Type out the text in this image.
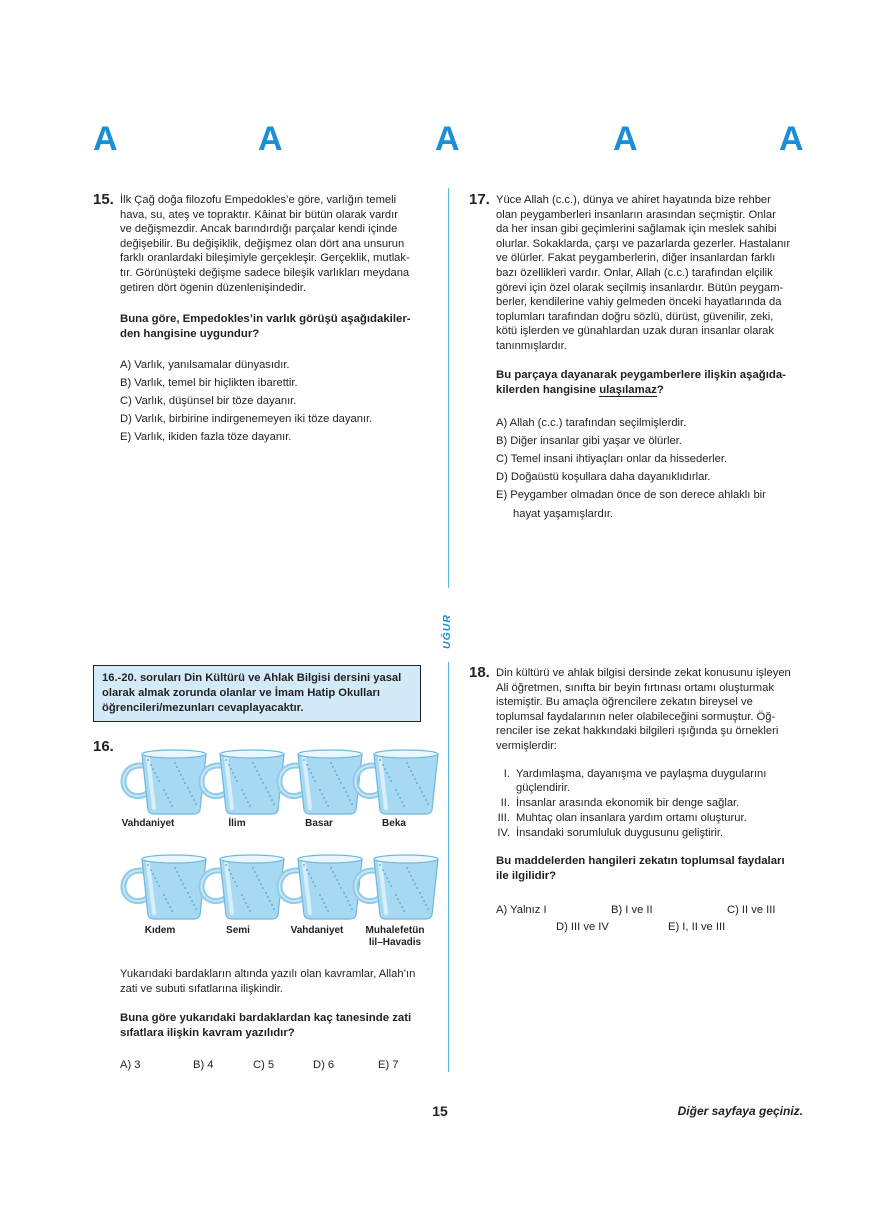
A	A	A	A	A
UĞUR
15. İlk Çağ doğa filozofu Empedokles’e göre, varlığın temeli
hava, su, ateş ve topraktır. Kâinat bir bütün olarak vardır
ve değişmezdir. Ancak barındırdığı parçalar kendi içinde
değişebilir. Bu değişiklik, değişmez olan dört ana unsurun
farklı oranlardaki bileşimiyle gerçekleşir. Gerçeklik, mutlak-
tır. Görünüşteki değişme sadece bileşik varlıkları meydana
getiren dört ögenin düzenlenişindedir.
Buna göre, Empedokles’in varlık görüşü aşağıdakiler-
den hangisine uygundur?
A) Varlık, yanılsamalar dünyasıdır.
B) Varlık, temel bir hiçlikten ibarettir.
C) Varlık, düşünsel bir töze dayanır.
D) Varlık, birbirine indirgenemeyen iki töze dayanır.
E) Varlık, ikiden fazla töze dayanır.
17. Yüce Allah (c.c.), dünya ve ahiret hayatında bize rehber
olan peygamberleri insanların arasından seçmiştir. Onlar
da her insan gibi geçimlerini sağlamak için meslek sahibi
olurlar. Sokaklarda, çarşı ve pazarlarda gezerler. Hastalanır
ve ölürler. Fakat peygamberlerin, diğer insanlardan farklı
bazı özellikleri vardır. Onlar, Allah (c.c.) tarafından elçilik
görevi için özel olarak seçilmiş insanlardır. Bütün peygam-
berler, kendilerine vahiy gelmeden önceki hayatlarında da
toplumları tarafından doğru sözlü, dürüst, güvenilir, zeki,
kötü işlerden ve günahlardan uzak duran insanlar olarak
tanınmışlardır.
Bu parçaya dayanarak peygamberlere ilişkin aşağıda-
kilerden hangisine ulaşılamaz?
A) Allah (c.c.) tarafından seçilmişlerdir.
B) Diğer insanlar gibi yaşar ve ölürler.
C) Temel insani ihtiyaçları onlar da hissederler.
D) Doğaüstü koşullara daha dayanıklıdırlar.
E) Peygamber olmadan önce de son derece ahlaklı bir
hayat yaşamışlardır.
16.-20. soruları Din Kültürü ve Ahlak Bilgisi dersini yasal
olarak almak zorunda olanlar ve İmam Hatip Okulları
öğrencileri/mezunları cevaplayacaktır.
16.
Vahdaniyet	İlim	Basar	Beka
Kıdem	Semi	Vahdaniyet	Muhalefetün
lil–Havadis
Yukarıdaki bardakların altında yazılı olan kavramlar, Allah’ın
zati ve subuti sıfatlarına ilişkindir.
Buna göre yukarıdaki bardaklardan kaç tanesinde zati
sıfatlara ilişkin kavram yazılıdır?
A) 3	B) 4	C) 5	D) 6	E) 7
18. Din kültürü ve ahlak bilgisi dersinde zekat konusunu işleyen
Ali öğretmen, sınıfta bir beyin fırtınası ortamı oluşturmak
istemiştir. Bu amaçla öğrencilere zekatın bireysel ve
toplumsal faydalarının neler olabileceğini sormuştur. Öğ-
renciler ise zekat hakkındaki bilgileri ışığında şu örnekleri
vermişlerdir:
I. Yardımlaşma, dayanışma ve paylaşma duygularını
güçlendirir.
II. İnsanlar arasında ekonomik bir denge sağlar.
III. Muhtaç olan insanlara yardım ortamı oluşturur.
IV. İnsandaki sorumluluk duygusunu geliştirir.
Bu maddelerden hangileri zekatın toplumsal faydaları
ile ilgilidir?
A) Yalnız I	B) I ve II	C) II ve III
D) III ve IV	E) I, II ve III
15	Diğer sayfaya geçiniz.
